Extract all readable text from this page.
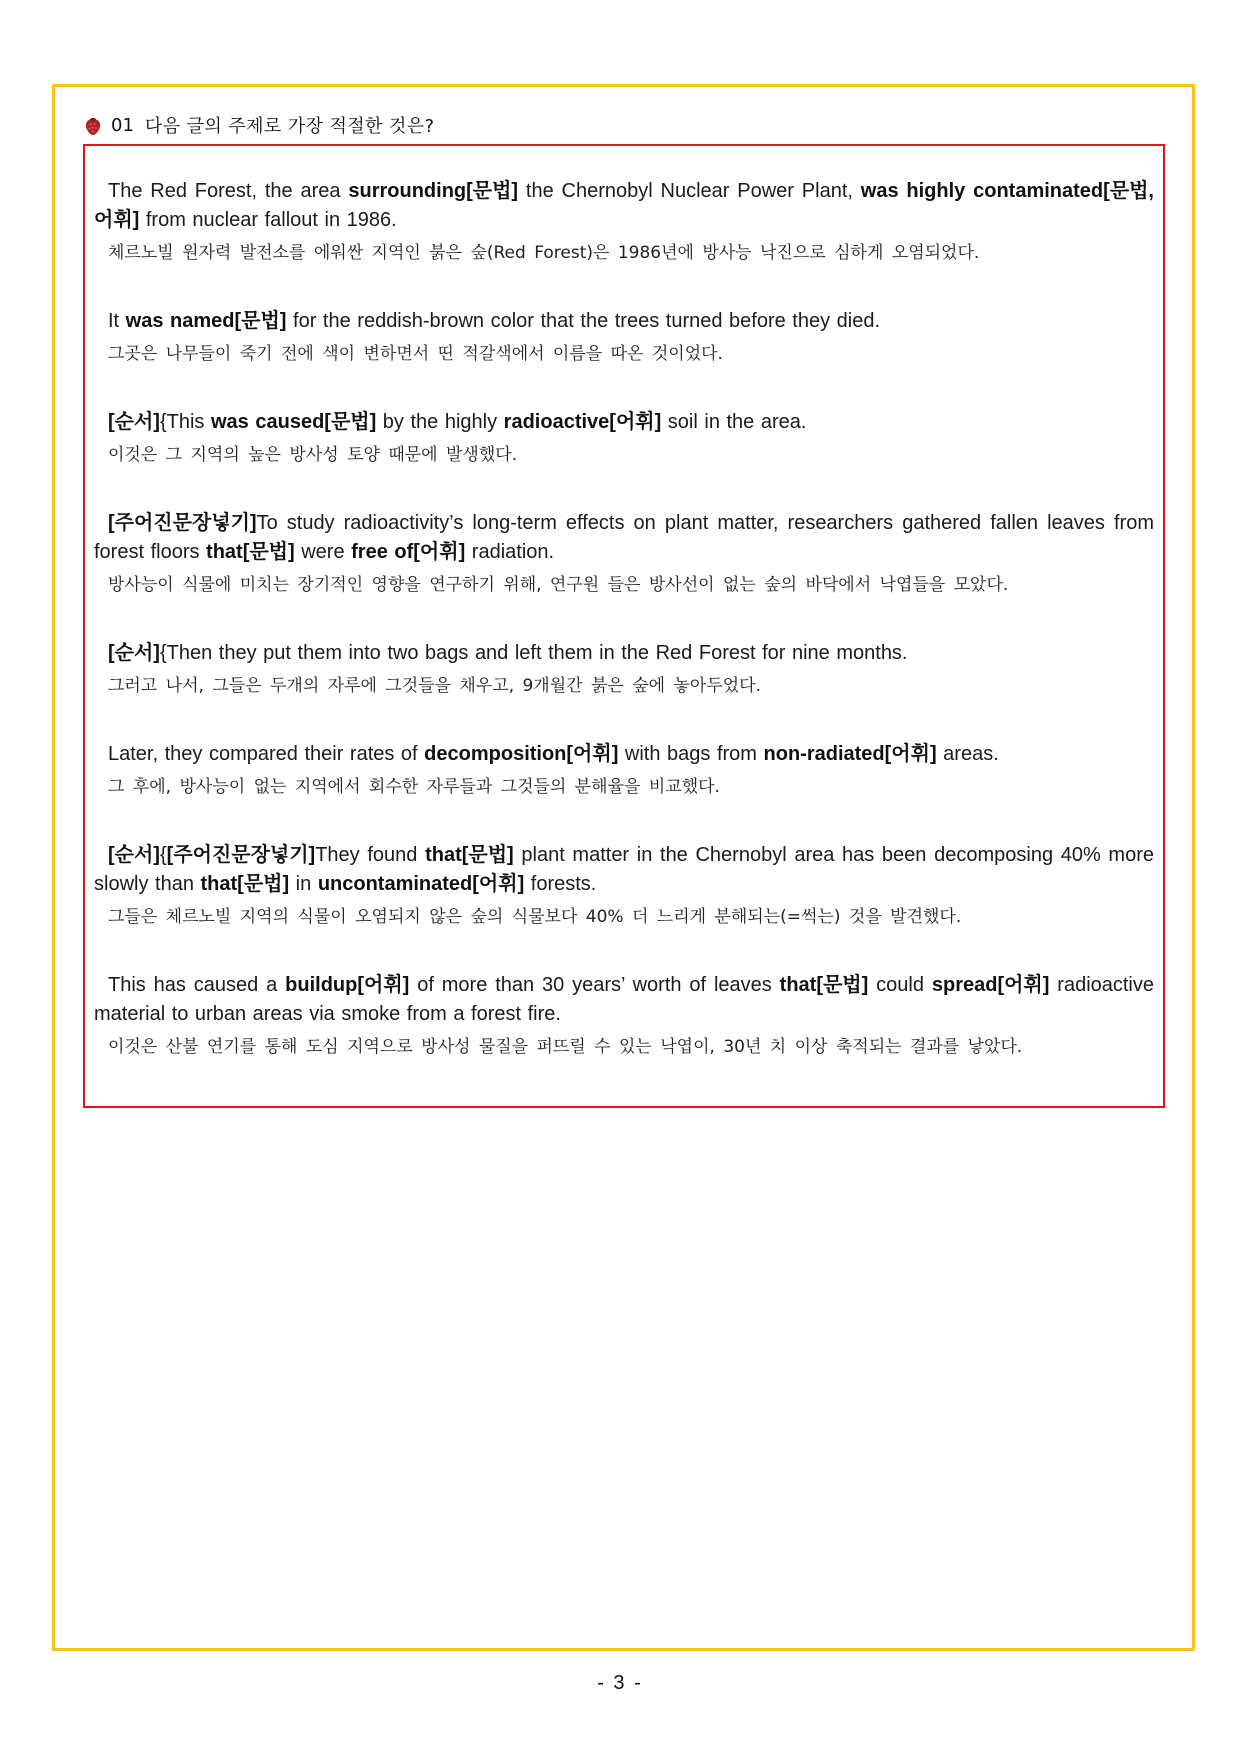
01 다음 글의 주제로 가장 적절한 것은?

The Red Forest, the area surrounding[문법] the Chernobyl Nuclear Power Plant, was highly contaminated[문법, 어휘] from nuclear fallout in 1986.

체르노빌 원자력 발전소를 에워싼 지역인 붉은 숲(Red Forest)은 1986년에 방사능 낙진으로 심하게 오염되었다.

It was named[문법] for the reddish-brown color that the trees turned before they died.

그곳은 나무들이 죽기 전에 색이 변하면서 띤 적갈색에서 이름을 따온 것이었다.

[순서]{This was caused[문법] by the highly radioactive[어휘] soil in the area.

이것은 그 지역의 높은 방사성 토양 때문에 발생했다.

[주어진문장넣기]To study radioactivity’s long-term effects on plant matter, researchers gathered fallen leaves from forest floors that[문법] were free of[어휘] radiation.

방사능이 식물에 미치는 장기적인 영향을 연구하기 위해, 연구원 들은 방사선이 없는 숲의 바닥에서 낙엽들을 모았다.

[순서]{Then they put them into two bags and left them in the Red Forest for nine months.

그러고 나서, 그들은 두개의 자루에 그것들을 채우고, 9개월간 붉은 숲에 놓아두었다.

Later, they compared their rates of decomposition[어휘] with bags from non-radiated[어휘] areas.

그 후에, 방사능이 없는 지역에서 회수한 자루들과 그것들의 분해율을 비교했다.

[순서]{[주어진문장넣기]They found that[문법] plant matter in the Chernobyl area has been decomposing 40% more slowly than that[문법] in uncontaminated[어휘] forests.

그들은 체르노빌 지역의 식물이 오염되지 않은 숲의 식물보다 40% 더 느리게 분해되는(=썩는) 것을 발견했다.

This has caused a buildup[어휘] of more than 30 years’ worth of leaves that[문법] could spread[어휘] radioactive material to urban areas via smoke from a forest fire.

이것은 산불 연기를 통해 도심 지역으로 방사성 물질을 퍼뜨릴 수 있는 낙엽이, 30년 치 이상 축적되는 결과를 낳았다.
- 3 -
